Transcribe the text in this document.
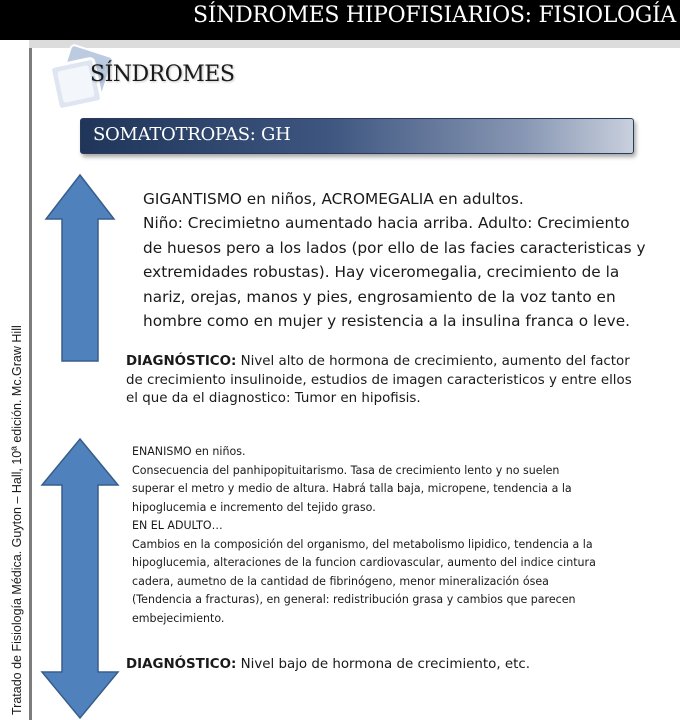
SÍNDROMES HIPOFISIARIOS: FISIOLOGÍA
Tratado de Fisiología Médica. Guyton – Hall, 10ª edición. Mc.Graw Hill
SÍNDROMES
SOMATOTROPAS: GH
GIGANTISMO en niños, ACROMEGALIA en adultos.
Niño: Crecimietno aumentado hacia arriba. Adulto: Crecimiento
de huesos pero a los lados (por ello de las facies caracteristicas y
extremidades robustas). Hay viceromegalia, crecimiento de la
nariz, orejas, manos y pies, engrosamiento de la voz tanto en
hombre como en mujer y resistencia a la insulina franca o leve.
DIAGNÓSTICO: Nivel alto de hormona de crecimiento, aumento del factor
de crecimiento insulinoide, estudios de imagen caracteristicos y entre ellos
el que da el diagnostico: Tumor en hipofisis.
ENANISMO en niños.
Consecuencia del panhipopituitarismo. Tasa de crecimiento lento y no suelen
superar el metro y medio de altura. Habrá talla baja, micropene, tendencia a la
hipoglucemia e incremento del tejido graso.
EN EL ADULTO…
Cambios en la composición del organismo, del metabolismo lipidico, tendencia a la
hipoglucemia, alteraciones de la funcion cardiovascular, aumento del indice cintura
cadera, aumetno de la cantidad de fibrinógeno, menor mineralización ósea
(Tendencia a fracturas), en general: redistribución grasa y cambios que parecen
embejecimiento.
DIAGNÓSTICO: Nivel bajo de hormona de crecimiento, etc.
